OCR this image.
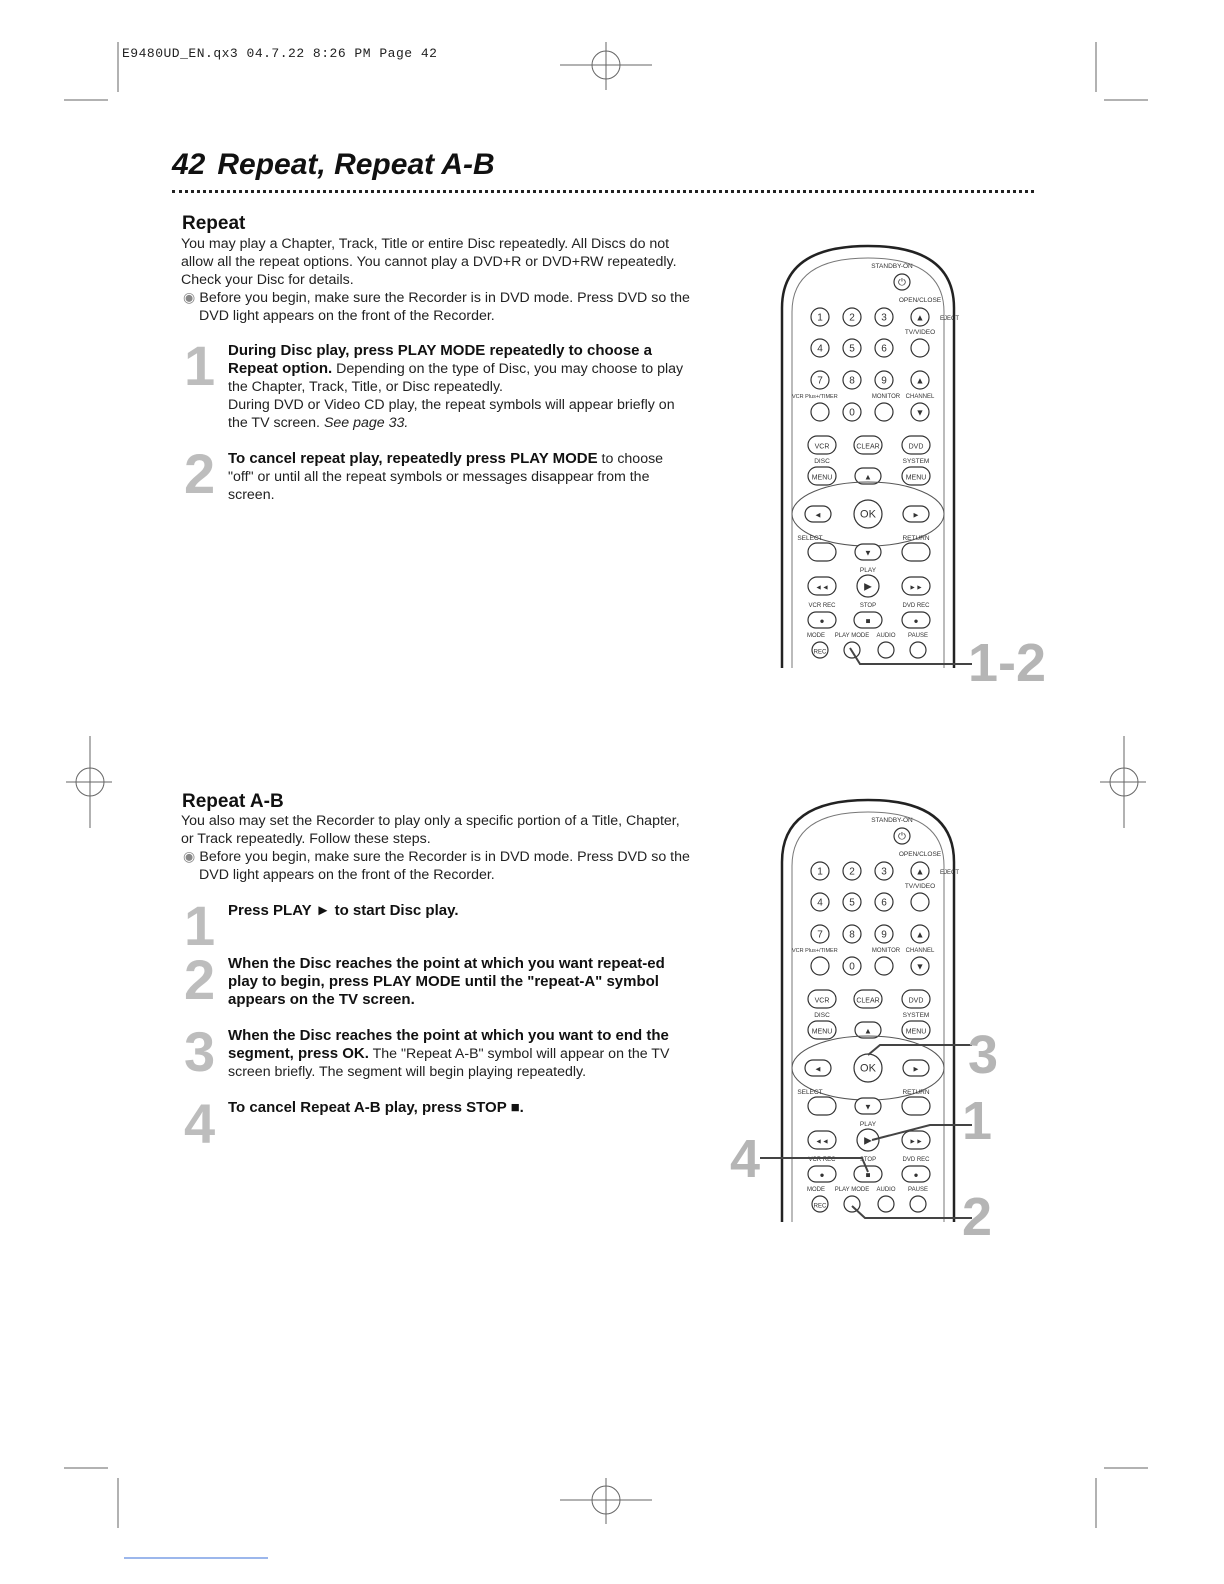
E9480UD_EN.qx3 04.7.22 8:26 PM Page 42
42 Repeat, Repeat A-B
Repeat
You may play a Chapter, Track, Title or entire Disc repeatedly. All Discs do not allow all the repeat options. You cannot play a DVD+R or DVD+RW repeatedly. Check your Disc for details.
◉ Before you begin, make sure the Recorder is in DVD mode. Press DVD so the DVD light appears on the front of the Recorder.
1 During Disc play, press PLAY MODE repeatedly to choose a Repeat option. Depending on the type of Disc, you may choose to play the Chapter, Track, Title, or Disc repeatedly.
During DVD or Video CD play, the repeat symbols will appear briefly on the TV screen. See page 33.
2 To cancel repeat play, repeatedly press PLAY MODE to choose "off" or until all the repeat symbols or messages disappear from the screen.
Repeat A-B
You also may set the Recorder to play only a specific portion of a Title, Chapter, or Track repeatedly. Follow these steps.
◉ Before you begin, make sure the Recorder is in DVD mode. Press DVD so the DVD light appears on the front of the Recorder.
1 Press PLAY ► to start Disc play.
2 When the Disc reaches the point at which you want repeat-ed play to begin, press PLAY MODE until the "repeat-A" symbol appears on the TV screen.
3 When the Disc reaches the point at which you want to end the segment, press OK. The "Repeat A-B" symbol will appear on the TV screen briefly. The segment will begin playing repeatedly.
4 To cancel Repeat A-B play, press STOP ■.
STANDBY-ON
⏻
OPEN/CLOSE
1	2	3
4	5	6
7	8	9
▲	EJECT
TV/VIDEO
▲
VCR Plus+/TIMER	MONITOR CHANNEL
0	▼
VCR	CLEAR	DVD
DISC	SYSTEM
MENU	MENU
▲
◄	OK	►
SELECT	RETURN
▼
PLAY
◄◄	▶	►►
VCR REC	STOP	DVD REC
●	■	●
MODE PLAY MODE AUDIO PAUSE
REC
STANDBY-ON
⏻
OPEN/CLOSE
1	2	3
4	5	6
7	8	9
▲	EJECT
TV/VIDEO
▲
VCR Plus+/TIMER	MONITOR CHANNEL
0	▼
VCR	CLEAR	DVD
DISC	SYSTEM
MENU	MENU
▲
◄	OK	►
SELECT	RETURN
▼
PLAY
◄◄	▶	►►
VCR REC	STOP	DVD REC
●	■	●
MODE PLAY MODE AUDIO PAUSE
REC
1-2
3
1
4
2
